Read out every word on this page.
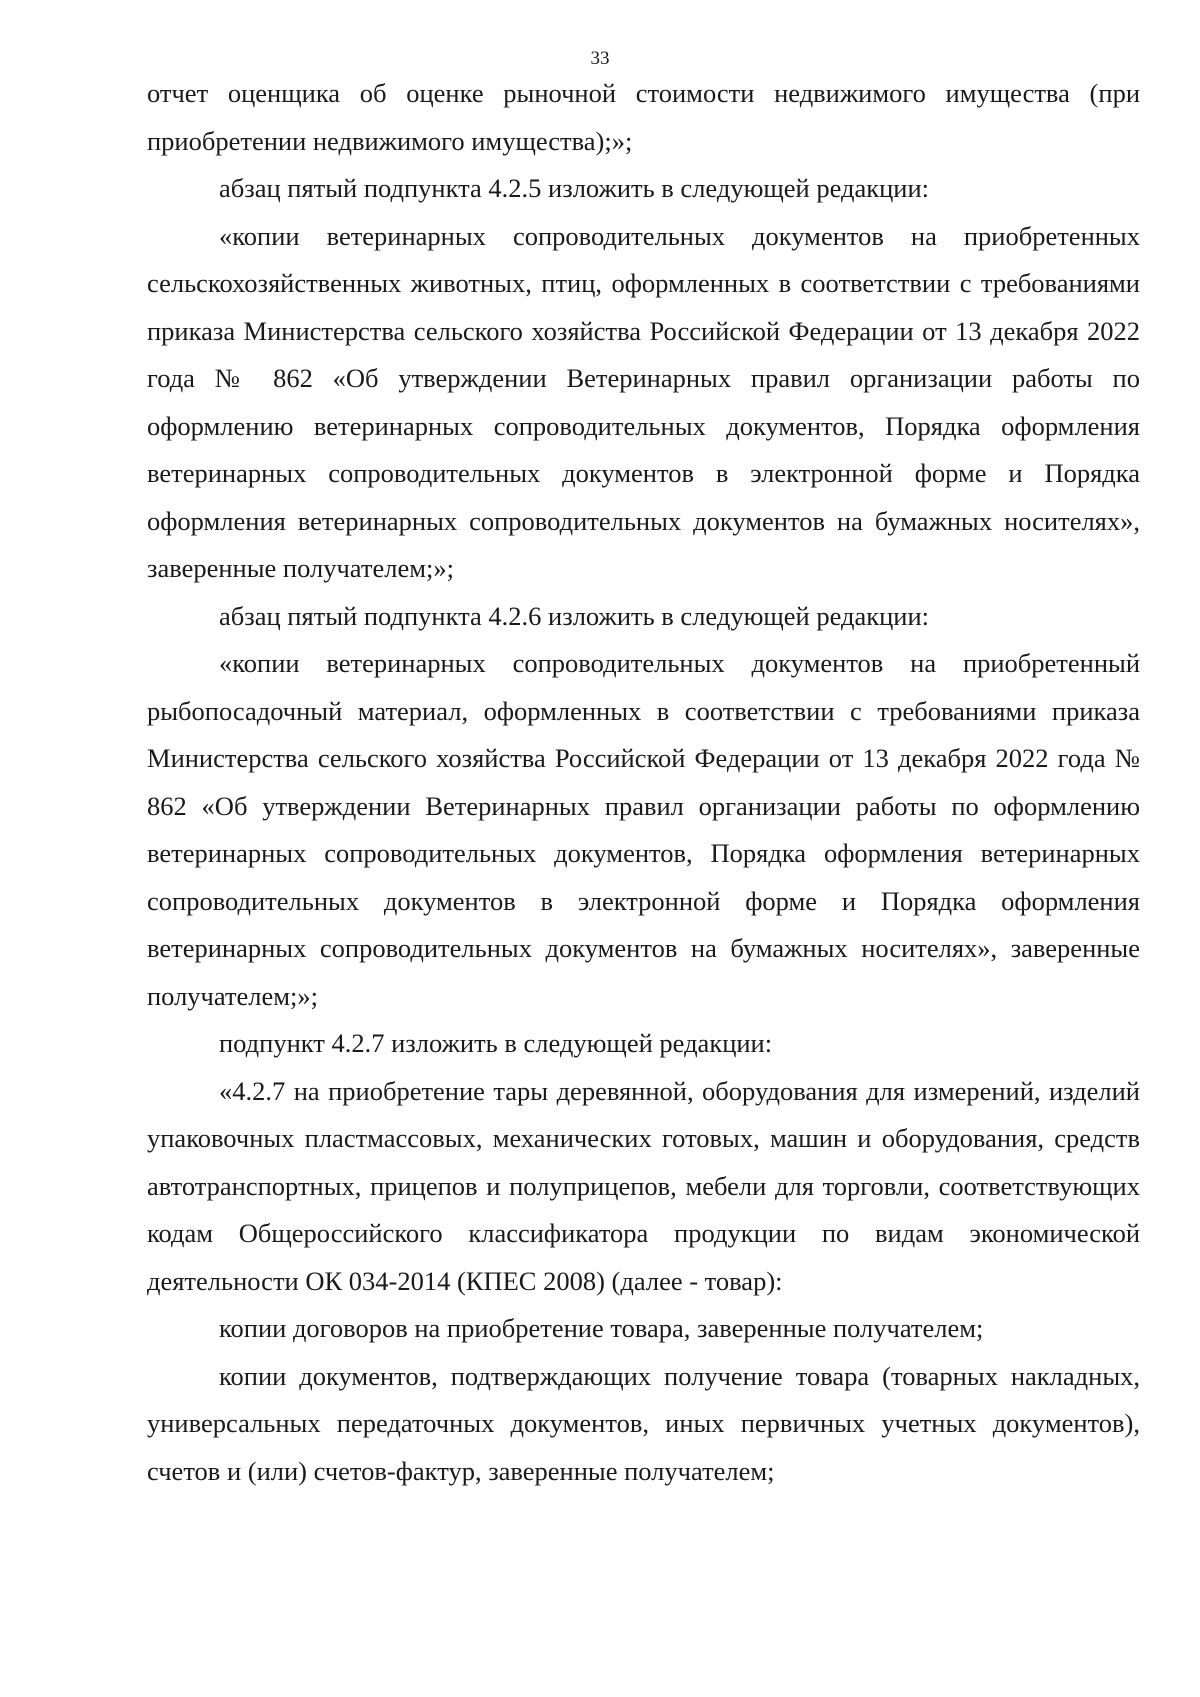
33

отчет оценщика об оценке рыночной стоимости недвижимого имущества (при приобретении недвижимого имущества);»;

абзац пятый подпункта 4.2.5 изложить в следующей редакции:

«копии ветеринарных сопроводительных документов на приобретенных сельскохозяйственных животных, птиц, оформленных в соответствии с требованиями приказа Министерства сельского хозяйства Российской Федерации от 13 декабря 2022 года № 862 «Об утверждении Ветеринарных правил организации работы по оформлению ветеринарных сопроводительных документов, Порядка оформления ветеринарных сопроводительных документов в электронной форме и Порядка оформления ветеринарных сопроводительных документов на бумажных носителях», заверенные получателем;»;

абзац пятый подпункта 4.2.6 изложить в следующей редакции:

«копии ветеринарных сопроводительных документов на приобретенный рыбопосадочный материал, оформленных в соответствии с требованиями приказа Министерства сельского хозяйства Российской Федерации от 13 декабря 2022 года № 862 «Об утверждении Ветеринарных правил организации работы по оформлению ветеринарных сопроводительных документов, Порядка оформления ветеринарных сопроводительных документов в электронной форме и Порядка оформления ветеринарных сопроводительных документов на бумажных носителях», заверенные получателем;»;

подпункт 4.2.7 изложить в следующей редакции:

«4.2.7 на приобретение тары деревянной, оборудования для измерений, изделий упаковочных пластмассовых, механических готовых, машин и оборудования, средств автотранспортных, прицепов и полуприцепов, мебели для торговли, соответствующих кодам Общероссийского классификатора продукции по видам экономической деятельности ОК 034-2014 (КПЕС 2008) (далее - товар):

копии договоров на приобретение товара, заверенные получателем;

копии документов, подтверждающих получение товара (товарных накладных, универсальных передаточных документов, иных первичных учетных документов), счетов и (или) счетов-фактур, заверенные получателем;
